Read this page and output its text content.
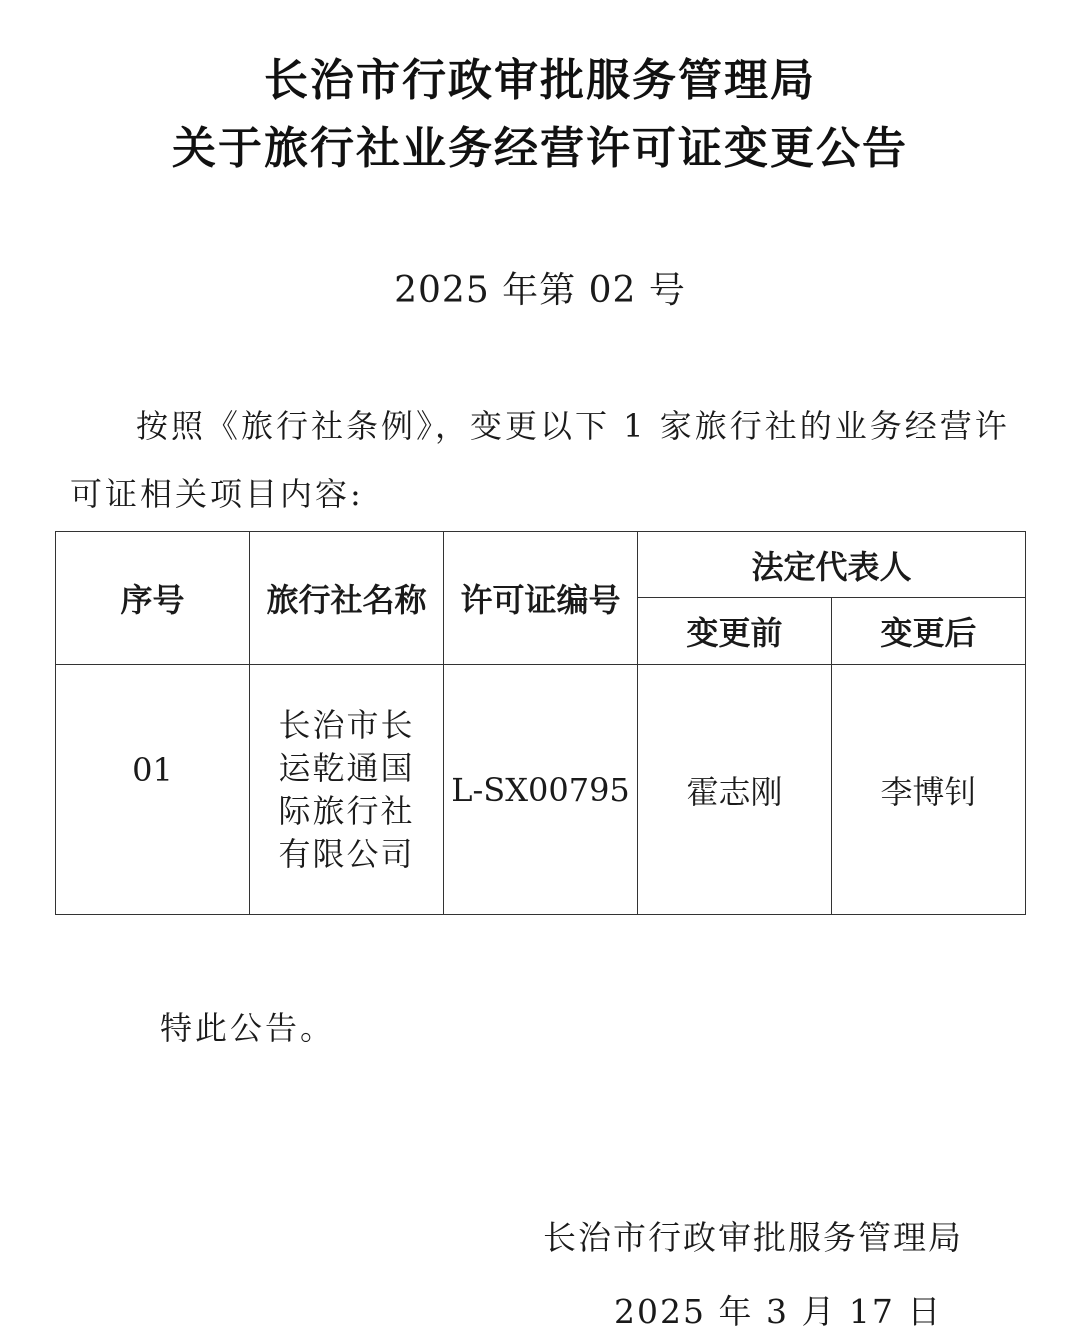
长治市行政审批服务管理局
关于旅行社业务经营许可证变更公告
2025 年第 02 号
按照《旅行社条例》，变更以下 1 家旅行社的业务经营许可证相关项目内容:
序号	旅行社名称	许可证编号	法定代表人	
			变更前	变更后
01	长治市长
运乾通国
际旅行社
有限公司	L-SX00795	霍志刚	李博钊
特此公告。
长治市行政审批服务管理局
2025 年 3 月 17 日
